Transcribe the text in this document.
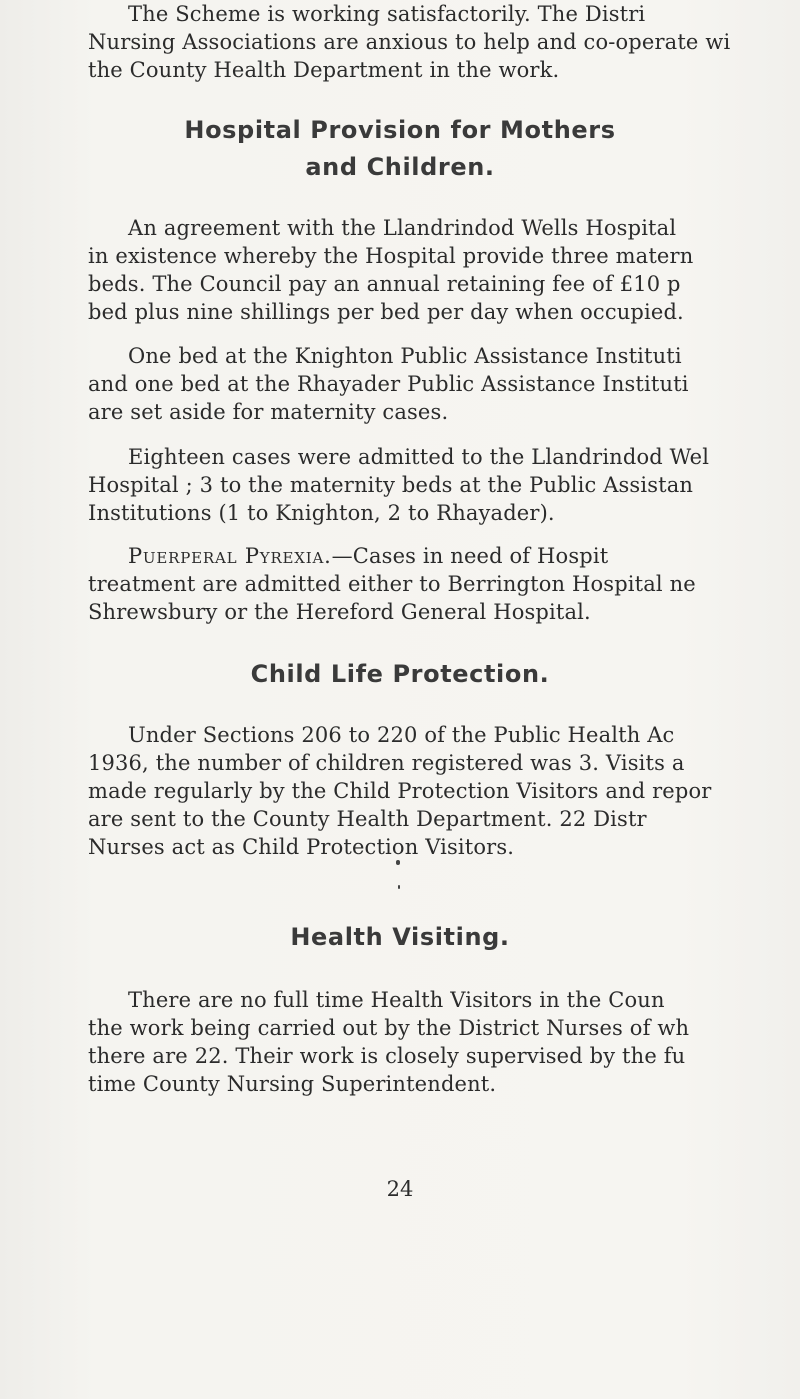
The Scheme is working satisfactorily. The Distri
Nursing Associations are anxious to help and co-operate wi
the County Health Department in the work.
Hospital Provision for Mothers
and Children.
An agreement with the Llandrindod Wells Hospital
in existence whereby the Hospital provide three matern
beds. The Council pay an annual retaining fee of £10 p
bed plus nine shillings per bed per day when occupied.
One bed at the Knighton Public Assistance Instituti
and one bed at the Rhayader Public Assistance Instituti
are set aside for maternity cases.
Eighteen cases were admitted to the Llandrindod Wel
Hospital ; 3 to the maternity beds at the Public Assistan
Institutions (1 to Knighton, 2 to Rhayader).
Puerperal Pyrexia.—Cases in need of Hospit
treatment are admitted either to Berrington Hospital ne
Shrewsbury or the Hereford General Hospital.
Child Life Protection.
Under Sections 206 to 220 of the Public Health Ac
1936, the number of children registered was 3. Visits a
made regularly by the Child Protection Visitors and repor
are sent to the County Health Department. 22 Distr
Nurses act as Child Protection Visitors.
Health Visiting.
There are no full time Health Visitors in the Coun
the work being carried out by the District Nurses of wh
there are 22. Their work is closely supervised by the fu
time County Nursing Superintendent.
24
